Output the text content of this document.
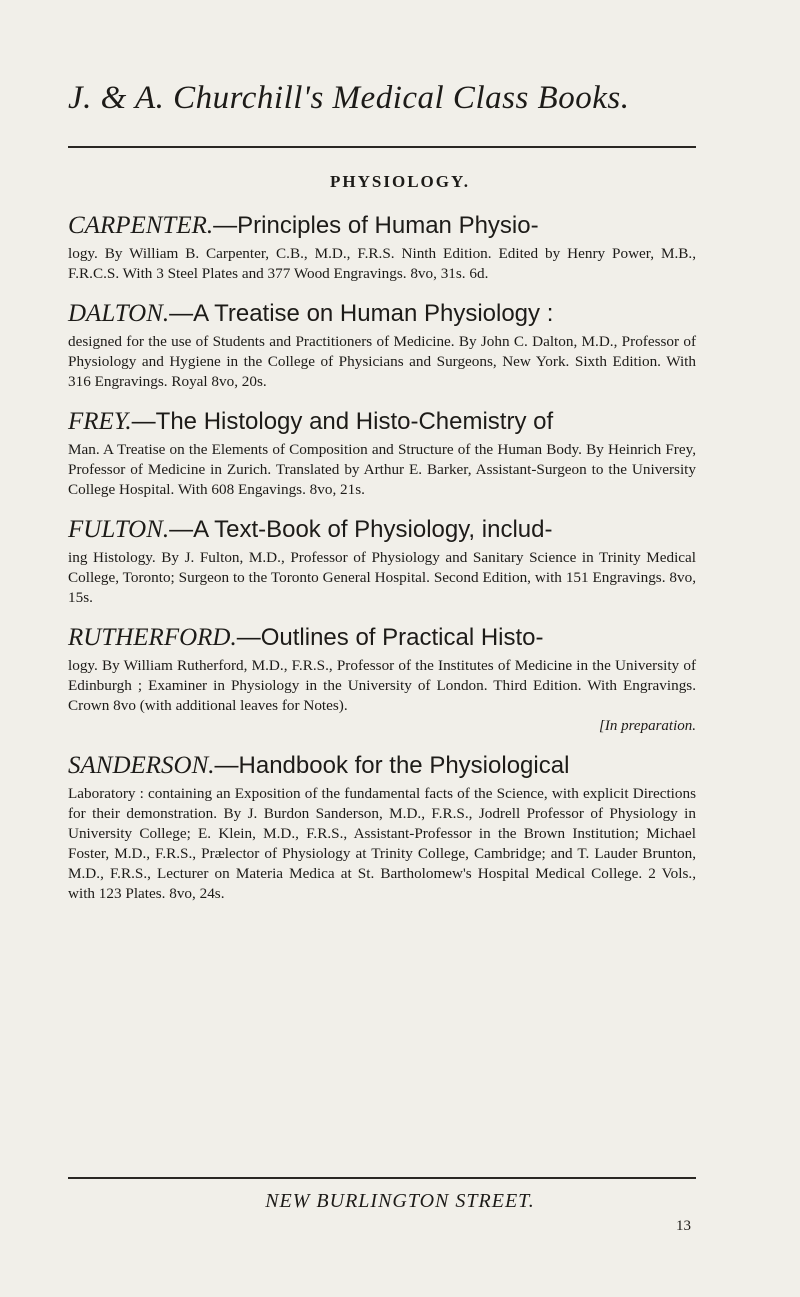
J. & A. Churchill's Medical Class Books.
PHYSIOLOGY.
CARPENTER.—Principles of Human Physio-
logy. By William B. Carpenter, C.B., M.D., F.R.S. Ninth Edition. Edited by Henry Power, M.B., F.R.C.S. With 3 Steel Plates and 377 Wood Engravings. 8vo, 31s. 6d.
DALTON.—A Treatise on Human Physiology :
designed for the use of Students and Practitioners of Medicine. By John C. Dalton, M.D., Professor of Physiology and Hygiene in the College of Physicians and Surgeons, New York. Sixth Edition. With 316 Engravings. Royal 8vo, 20s.
FREY.—The Histology and Histo-Chemistry of
Man. A Treatise on the Elements of Composition and Structure of the Human Body. By Heinrich Frey, Professor of Medicine in Zurich. Translated by Arthur E. Barker, Assistant-Surgeon to the University College Hospital. With 608 Engavings. 8vo, 21s.
FULTON.—A Text-Book of Physiology, includ-
ing Histology. By J. Fulton, M.D., Professor of Physiology and Sanitary Science in Trinity Medical College, Toronto; Surgeon to the Toronto General Hospital. Second Edition, with 151 Engravings. 8vo, 15s.
RUTHERFORD.—Outlines of Practical Histo-
logy. By William Rutherford, M.D., F.R.S., Professor of the Institutes of Medicine in the University of Edinburgh ; Examiner in Physiology in the University of London. Third Edition. With Engravings. Crown 8vo (with additional leaves for Notes).
[In preparation.
SANDERSON.—Handbook for the Physiological
Laboratory : containing an Exposition of the fundamental facts of the Science, with explicit Directions for their demonstration. By J. Burdon Sanderson, M.D., F.R.S., Jodrell Professor of Physiology in University College; E. Klein, M.D., F.R.S., Assistant-Professor in the Brown Institution; Michael Foster, M.D., F.R.S., Prælector of Physiology at Trinity College, Cambridge; and T. Lauder Brunton, M.D., F.R.S., Lecturer on Materia Medica at St. Bartholomew's Hospital Medical College. 2 Vols., with 123 Plates. 8vo, 24s.
NEW BURLINGTON STREET.
13
